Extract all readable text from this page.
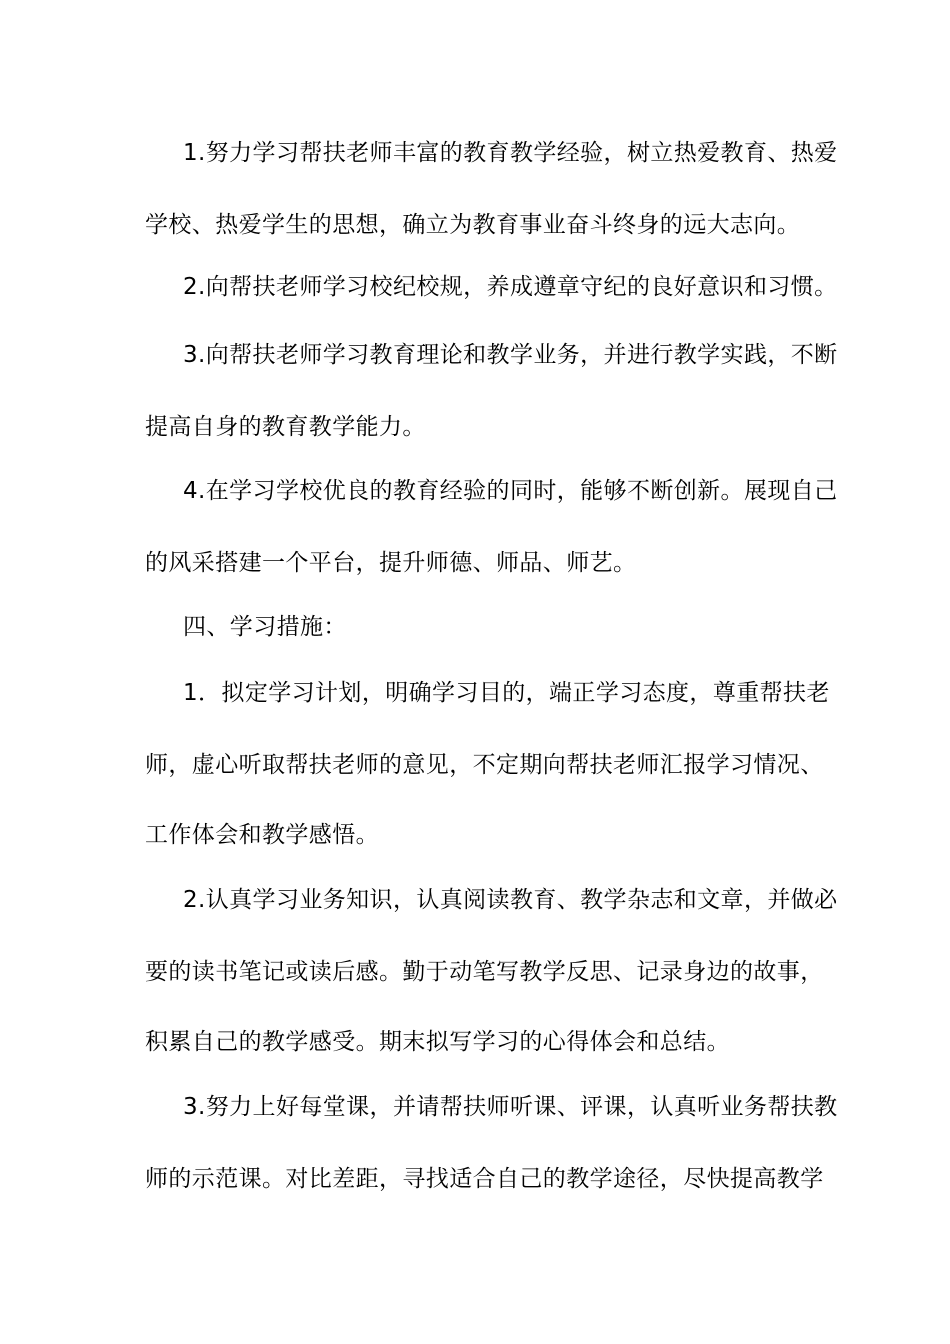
1.努力学习帮扶老师丰富的教育教学经验，树立热爱教育、热爱
学校、热爱学生的思想，确立为教育事业奋斗终身的远大志向。
2.向帮扶老师学习校纪校规，养成遵章守纪的良好意识和习惯。
3.向帮扶老师学习教育理论和教学业务，并进行教学实践，不断
提高自身的教育教学能力。
4.在学习学校优良的教育经验的同时，能够不断创新。展现自己
的风采搭建一个平台，提升师德、师品、师艺。
四、学习措施：
1．拟定学习计划，明确学习目的，端正学习态度，尊重帮扶老
师，虚心听取帮扶老师的意见，不定期向帮扶老师汇报学习情况、
工作体会和教学感悟。
2.认真学习业务知识，认真阅读教育、教学杂志和文章，并做必
要的读书笔记或读后感。勤于动笔写教学反思、记录身边的故事，
积累自己的教学感受。期末拟写学习的心得体会和总结。
3.努力上好每堂课，并请帮扶师听课、评课，认真听业务帮扶教
师的示范课。对比差距，寻找适合自己的教学途径，尽快提高教学
